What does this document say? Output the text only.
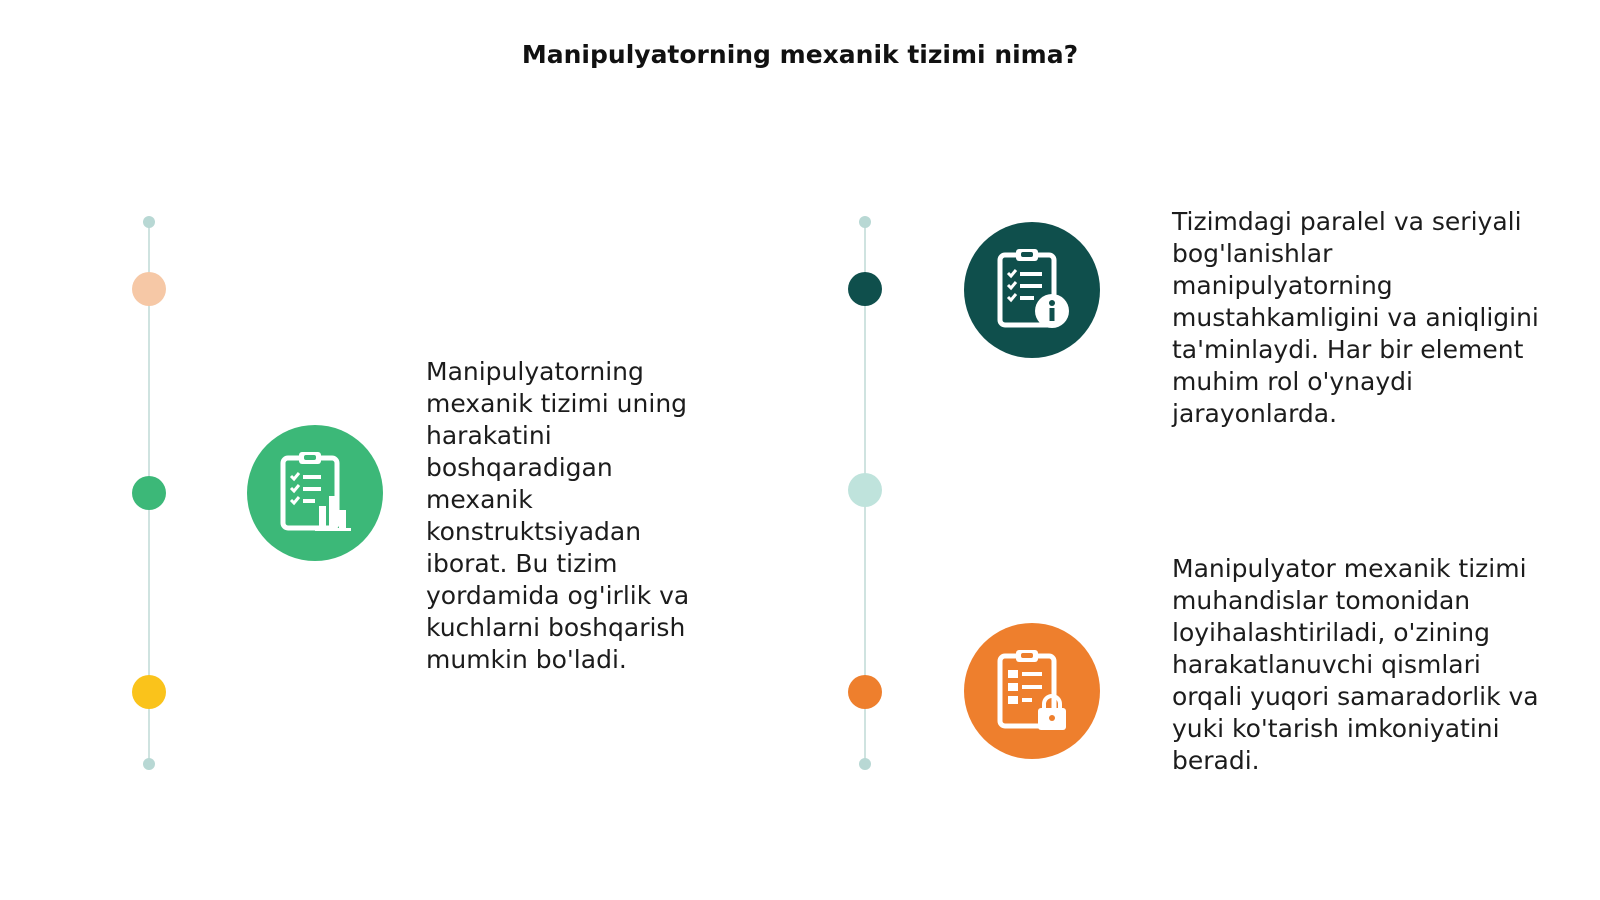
Manipulyatorning mexanik tizimi nima?
Manipulyatorning mexanik tizimi uning harakatini boshqaradigan mexanik konstruktsiyadan iborat. Bu tizim yordamida og'irlik va kuchlarni boshqarish mumkin bo'ladi.
Tizimdagi paralel va seriyali bog'lanishlar manipulyatorning mustahkamligini va aniqligini ta'minlaydi. Har bir element muhim rol o'ynaydi jarayonlarda.
Manipulyator mexanik tizimi muhandislar tomonidan loyihalashtiriladi, o'zining harakatlanuvchi qismlari orqali yuqori samaradorlik va yuki ko'tarish imkoniyatini beradi.
